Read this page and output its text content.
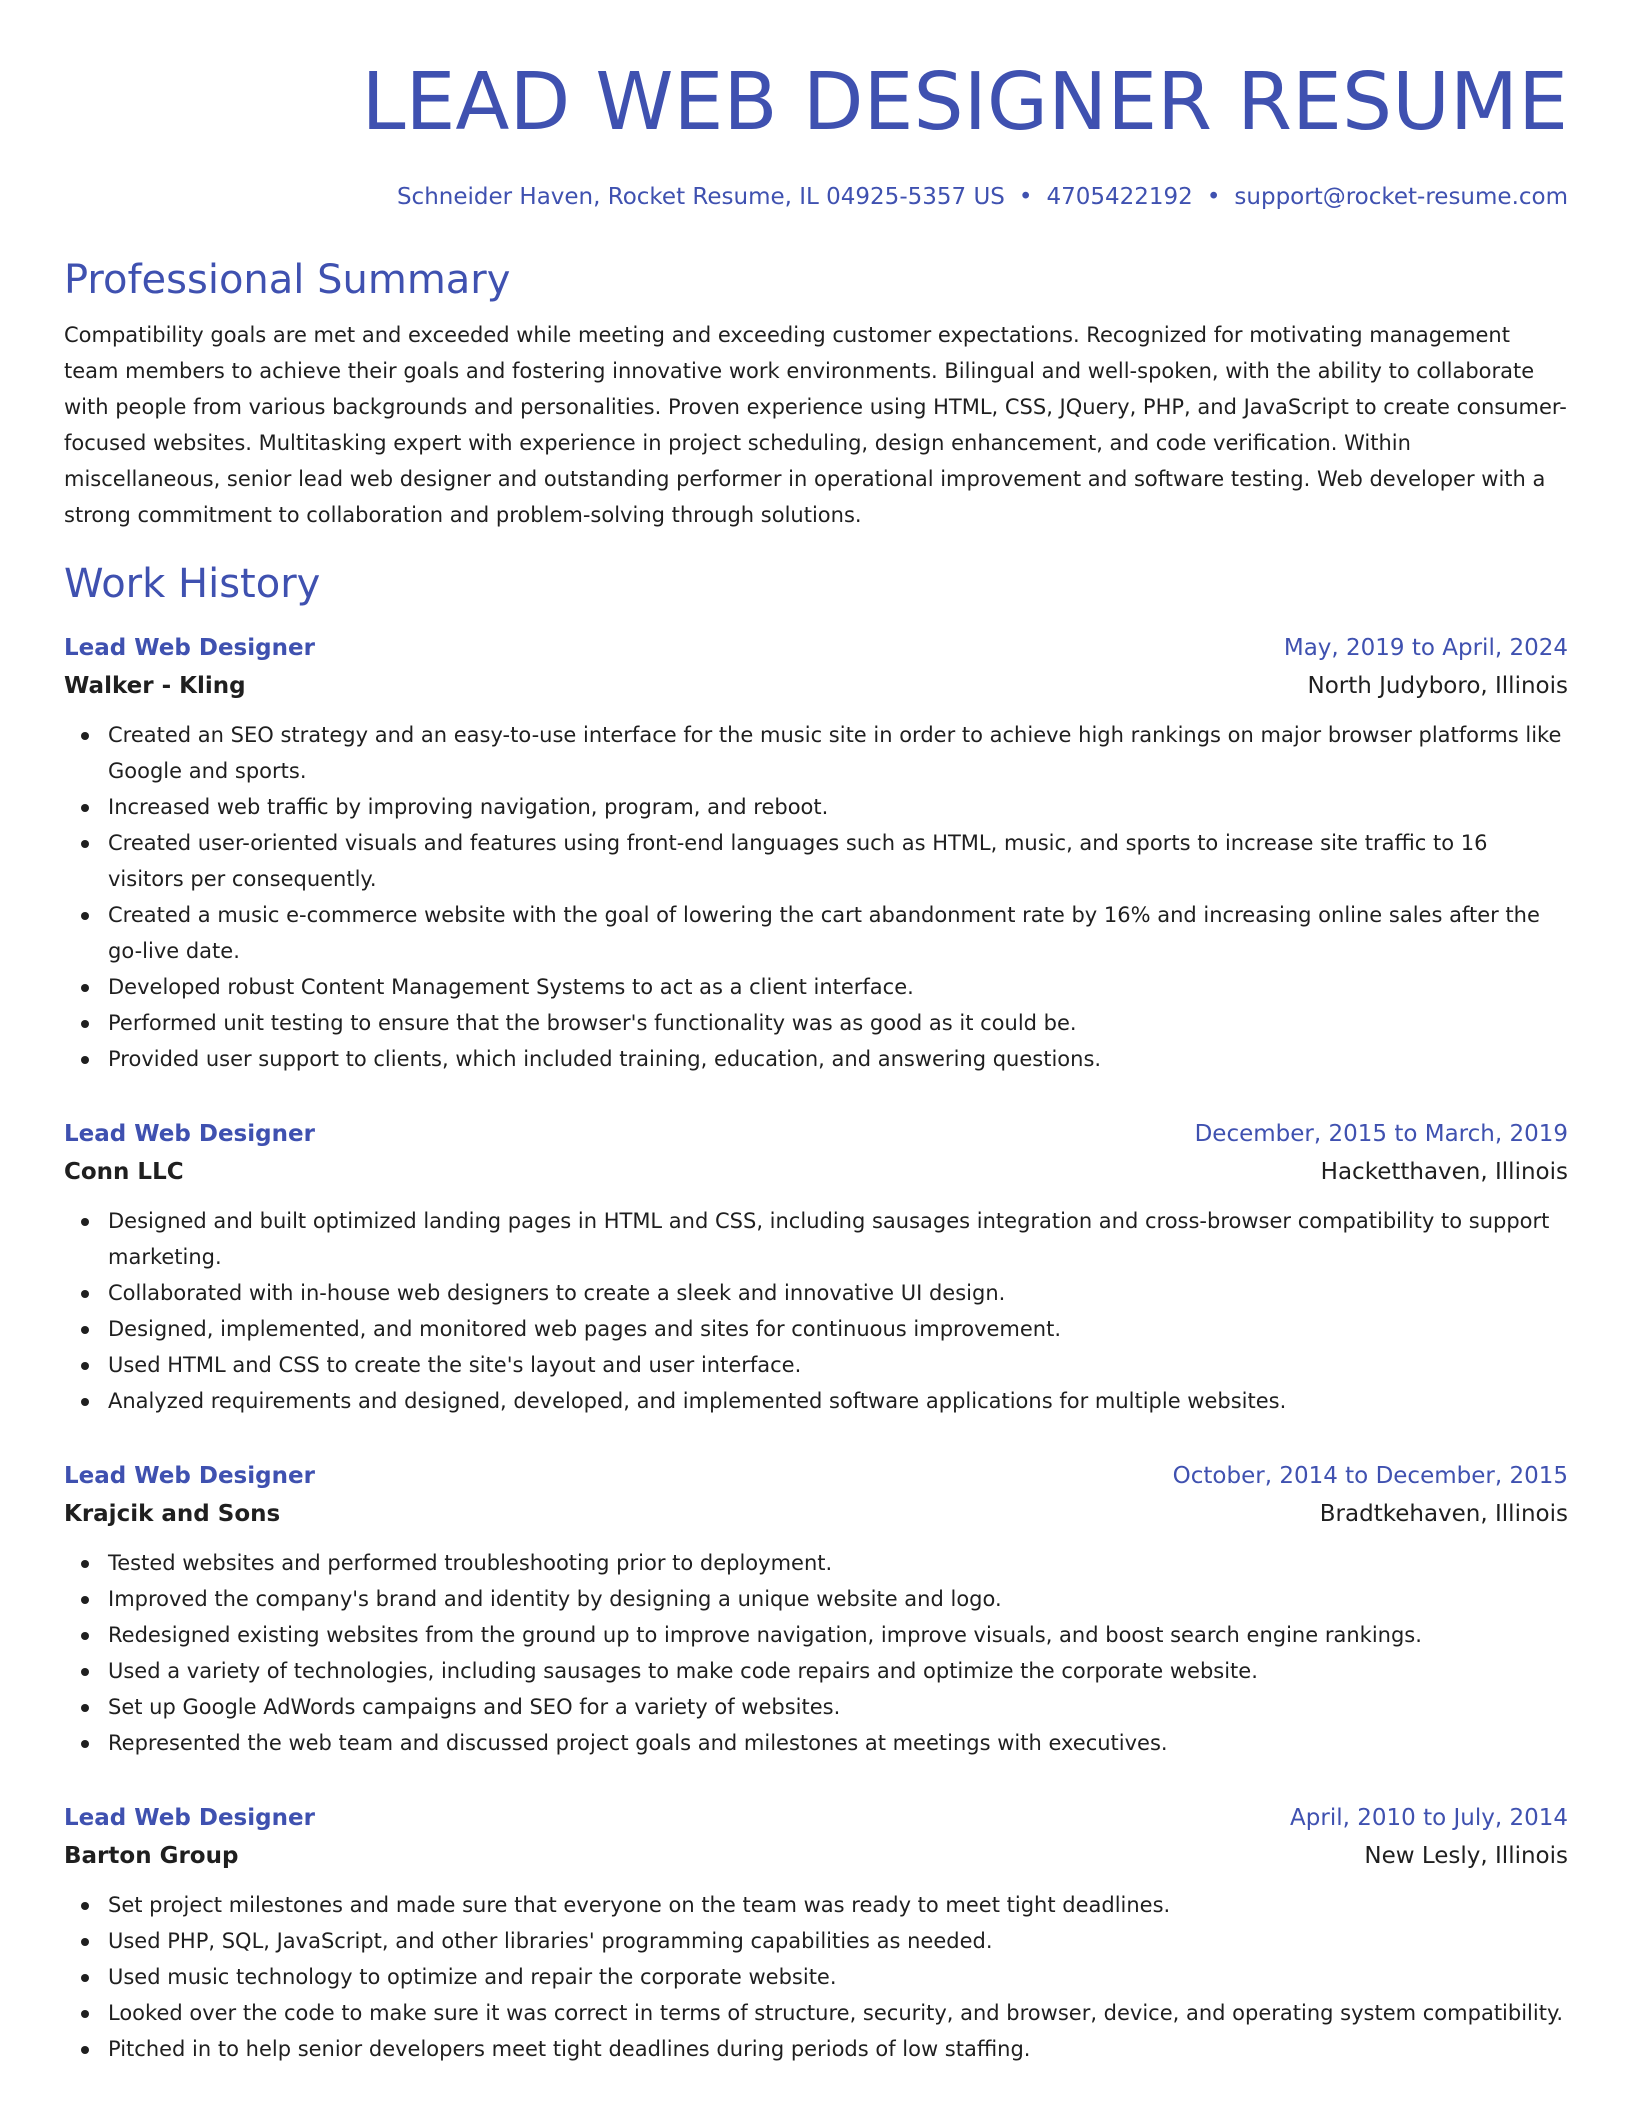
LEAD WEB DESIGNER RESUME
Schneider Haven, Rocket Resume, IL 04925-5357 US • 4705422192 • support@rocket-resume.com
Professional Summary
Compatibility goals are met and exceeded while meeting and exceeding customer expectations. Recognized for motivating management team members to achieve their goals and fostering innovative work environments. Bilingual and well-spoken, with the ability to collaborate with people from various backgrounds and personalities. Proven experience using HTML, CSS, JQuery, PHP, and JavaScript to create consumer-focused websites. Multitasking expert with experience in project scheduling, design enhancement, and code verification. Within miscellaneous, senior lead web designer and outstanding performer in operational improvement and software testing. Web developer with a strong commitment to collaboration and problem-solving through solutions.
Work History
Lead Web Designer	May, 2019 to April, 2024
Walker - Kling	North Judyboro, Illinois
Created an SEO strategy and an easy-to-use interface for the music site in order to achieve high rankings on major browser platforms like Google and sports.
Increased web traffic by improving navigation, program, and reboot.
Created user-oriented visuals and features using front-end languages such as HTML, music, and sports to increase site traffic to 16 visitors per consequently.
Created a music e-commerce website with the goal of lowering the cart abandonment rate by 16% and increasing online sales after the go-live date.
Developed robust Content Management Systems to act as a client interface.
Performed unit testing to ensure that the browser's functionality was as good as it could be.
Provided user support to clients, which included training, education, and answering questions.
Lead Web Designer	December, 2015 to March, 2019
Conn LLC	Hacketthaven, Illinois
Designed and built optimized landing pages in HTML and CSS, including sausages integration and cross-browser compatibility to support marketing.
Collaborated with in-house web designers to create a sleek and innovative UI design.
Designed, implemented, and monitored web pages and sites for continuous improvement.
Used HTML and CSS to create the site's layout and user interface.
Analyzed requirements and designed, developed, and implemented software applications for multiple websites.
Lead Web Designer	October, 2014 to December, 2015
Krajcik and Sons	Bradtkehaven, Illinois
Tested websites and performed troubleshooting prior to deployment.
Improved the company's brand and identity by designing a unique website and logo.
Redesigned existing websites from the ground up to improve navigation, improve visuals, and boost search engine rankings.
Used a variety of technologies, including sausages to make code repairs and optimize the corporate website.
Set up Google AdWords campaigns and SEO for a variety of websites.
Represented the web team and discussed project goals and milestones at meetings with executives.
Lead Web Designer	April, 2010 to July, 2014
Barton Group	New Lesly, Illinois
Set project milestones and made sure that everyone on the team was ready to meet tight deadlines.
Used PHP, SQL, JavaScript, and other libraries' programming capabilities as needed.
Used music technology to optimize and repair the corporate website.
Looked over the code to make sure it was correct in terms of structure, security, and browser, device, and operating system compatibility.
Pitched in to help senior developers meet tight deadlines during periods of low staffing.
